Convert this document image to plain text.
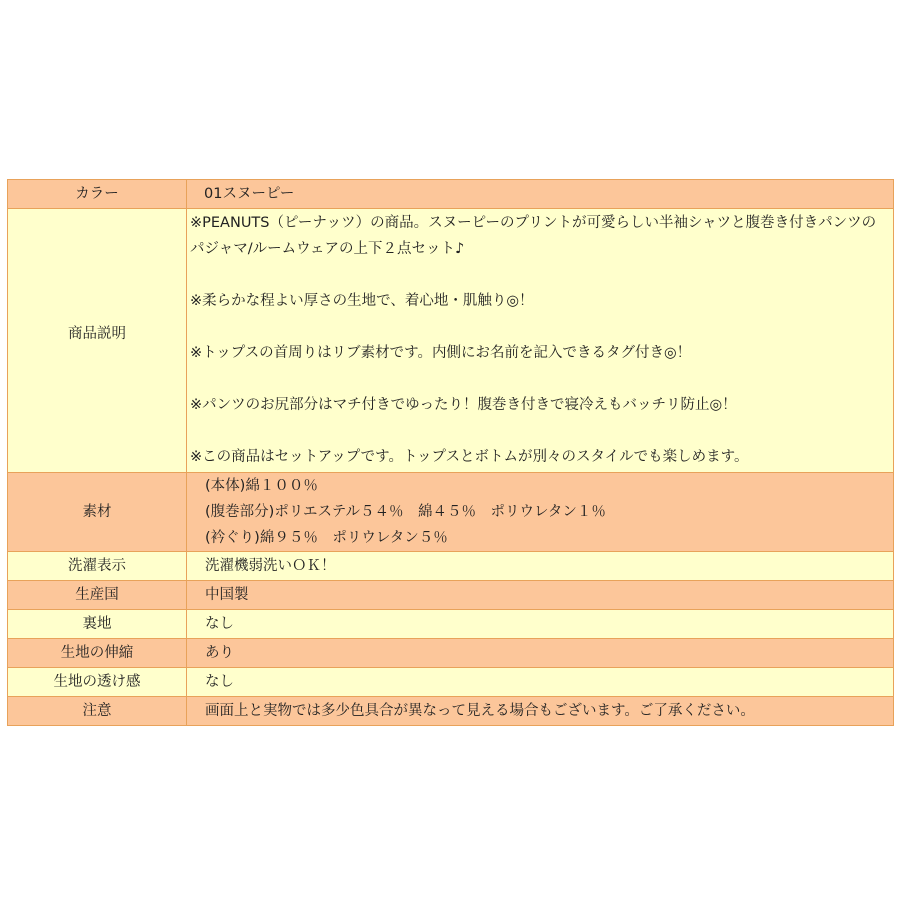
カラー	01スヌーピー

商品説明	※PEANUTS（ピーナッツ）の商品。スヌーピーのプリントが可愛らしい半袖シャツと腹巻き付きパンツのパジャマ/ルームウェアの上下２点セット♪
※柔らかな程よい厚さの生地で、着心地・肌触り◎！
※トップスの首周りはリブ素材です。内側にお名前を記入できるタグ付き◎！
※パンツのお尻部分はマチ付きでゆったり！腹巻き付きで寝冷えもバッチリ防止◎！
※この商品はセットアップです。トップスとボトムが別々のスタイルでも楽しめます。

素材	(本体)綿１００％
(腹巻部分)ポリエステル５４％　綿４５％　ポリウレタン１％
(衿ぐり)綿９５％　ポリウレタン５％

洗濯表示	洗濯機弱洗いＯＫ！

生産国	中国製

裏地	なし

生地の伸縮	あり

生地の透け感	なし

注意	画面上と実物では多少色具合が異なって見える場合もございます。ご了承ください。
